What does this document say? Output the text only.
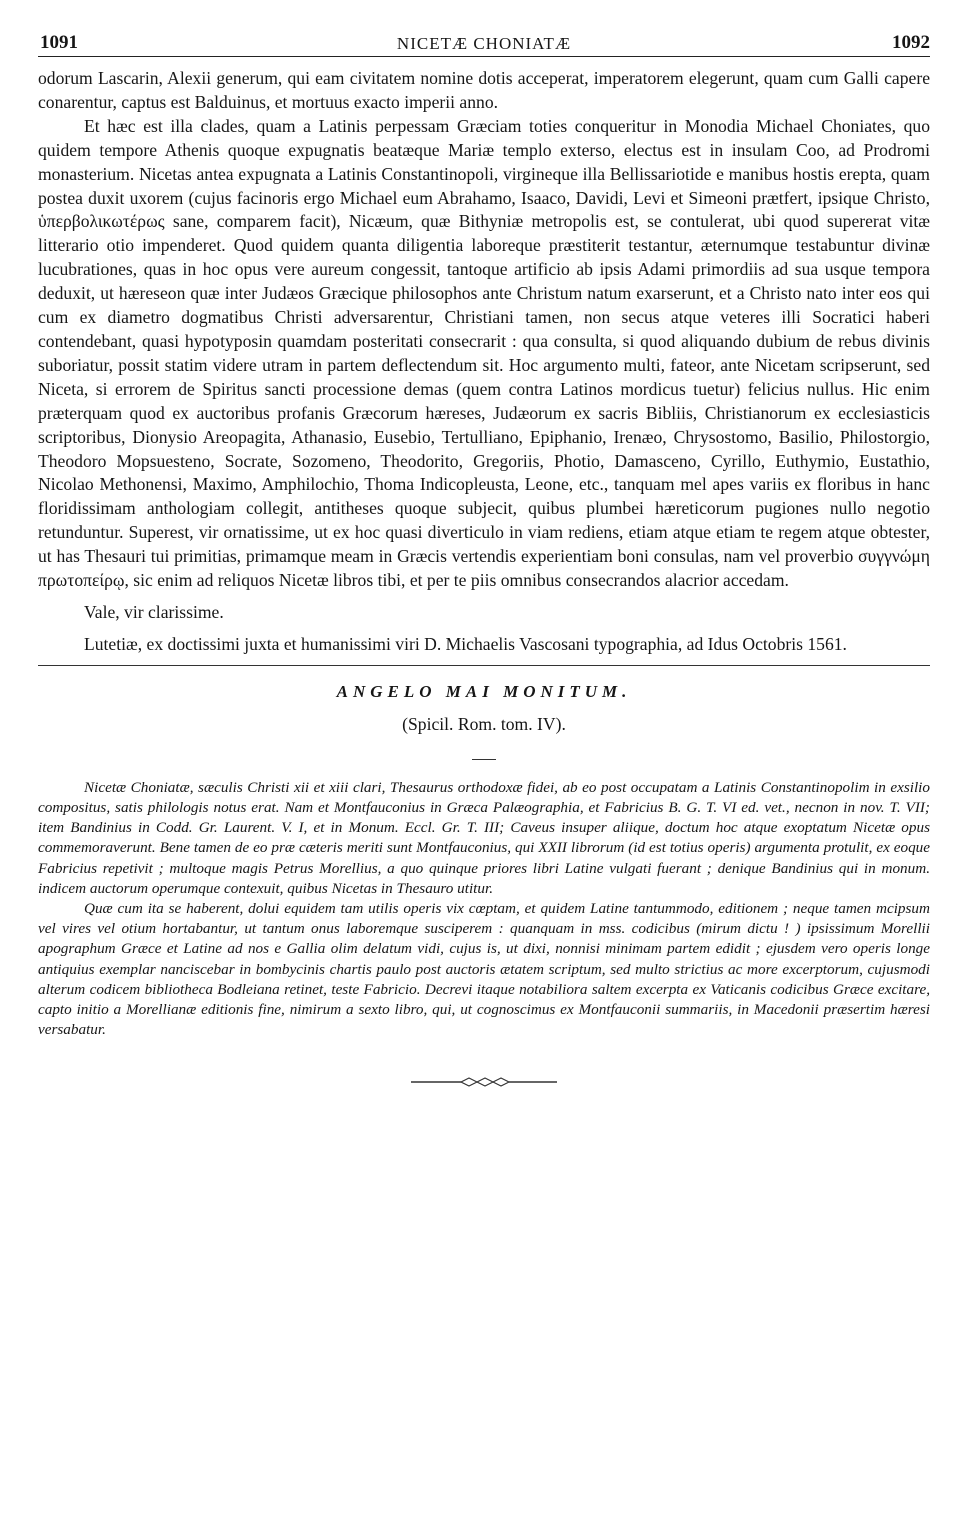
1091	NICETÆ CHONIATÆ	1092

odorum Lascarin, Alexii generum, qui eam civitatem nomine dotis acceperat, imperatorem elegerunt, quam cum Galli capere conarentur, captus est Balduinus, et mortuus exacto imperii anno.

Et hæc est illa clades, quam a Latinis perpessam Græciam toties conqueritur in Monodia Michael Choniates, quo quidem tempore Athenis quoque expugnatis beatæque Mariæ templo exterso, electus est in insulam Coo, ad Prodromi monasterium. Nicetas antea expugnata a Latinis Constantinopoli, virgineque illa Bellissariotide e manibus hostis erepta, quam postea duxit uxorem (cujus facinoris ergo Michael eum Abrahamo, Isaaco, Davidi, Levi et Simeoni prætfert, ipsique Christo, ὑπερβολικωτέρως sane, comparem facit), Nicæum, quæ Bithyniæ metropolis est, se contulerat, ubi quod supererat vitæ litterario otio impenderet. Quod quidem quanta diligentia laboreque præstiterit testantur, æternumque testabuntur divinæ lucubrationes, quas in hoc opus vere aureum congessit, tantoque artificio ab ipsis Adami primordiis ad sua usque tempora deduxit, ut hæreseon quæ inter Judæos Græcique philosophos ante Christum natum exarserunt, et a Christo nato inter eos qui cum ex diametro dogmatibus Christi adversarentur, Christiani tamen, non secus atque veteres illi Socratici haberi contendebant, quasi hypotyposin quamdam posteritati consecrarit : qua consulta, si quod aliquando dubium de rebus divinis suboriatur, possit statim videre utram in partem deflectendum sit. Hoc argumento multi, fateor, ante Nicetam scripserunt, sed Niceta, si errorem de Spiritus sancti processione demas (quem contra Latinos mordicus tuetur) felicius nullus. Hic enim præterquam quod ex auctoribus profanis Græcorum hæreses, Judæorum ex sacris Bibliis, Christianorum ex ecclesiasticis scriptoribus, Dionysio Areopagita, Athanasio, Eusebio, Tertulliano, Epiphanio, Irenæo, Chrysostomo, Basilio, Philostorgio, Theodoro Mopsuesteno, Socrate, Sozomeno, Theodorito, Gregoriis, Photio, Damasceno, Cyrillo, Euthymio, Eustathio, Nicolao Methonensi, Maximo, Amphilochio, Thoma Indicopleusta, Leone, etc., tanquam mel apes variis ex floribus in hanc floridissimam anthologiam collegit, antitheses quoque subjecit, quibus plumbei hæreticorum pugiones nullo negotio retunduntur. Superest, vir ornatissime, ut ex hoc quasi diverticulo in viam rediens, etiam atque etiam te regem atque obtester, ut has Thesauri tui primitias, primamque meam in Græcis vertendis experientiam boni consulas, nam vel proverbio συγγνώμη πρωτοπείρῳ, sic enim ad reliquos Nicetæ libros tibi, et per te piis omnibus consecrandos alacrior accedam.

Vale, vir clarissime.

Lutetiæ, ex doctissimi juxta et humanissimi viri D. Michaelis Vascosani typographia, ad Idus Octobris 1561.

ANGELO MAI MONITUM.
(Spicil. Rom. tom. IV).

Nicetæ Choniatæ, sæculis Christi xii et xiii clari, Thesaurus orthodoxæ fidei, ab eo post occupatam a Latinis Constantinopolim in exsilio compositus, satis philologis notus erat. Nam et Montfauconius in Græca Palæographia, et Fabricius B. G. T. VI ed. vet., necnon in nov. T. VII; item Bandinius in Codd. Gr. Laurent. V. I, et in Monum. Eccl. Gr. T. III; Caveus insuper aliique, doctum hoc atque exoptatum Nicetæ opus commemoraverunt. Bene tamen de eo præ cæteris meriti sunt Montfauconius, qui XXII librorum (id est totius operis) argumenta protulit, ex eoque Fabricius repetivit ; multoque magis Petrus Morellius, a quo quinque priores libri Latine vulgati fuerant ; denique Bandinius qui in monum. indicem auctorum operumque contexuit, quibus Nicetas in Thesauro utitur.

Quæ cum ita se haberent, dolui equidem tam utilis operis vix cœptam, et quidem Latine tantummodo, editionem ; neque tamen mcipsum vel vires vel otium hortabantur, ut tantum onus laboremque susciperem : quanquam in mss. codicibus (mirum dictu ! ) ipsissimum Morellii apographum Græce et Latine ad nos e Gallia olim delatum vidi, cujus is, ut dixi, nonnisi minimam partem edidit ; ejusdem vero operis longe antiquius exemplar nanciscebar in bombycinis chartis paulo post auctoris ætatem scriptum, sed multo strictius ac more excerptorum, cujusmodi alterum codicem bibliotheca Bodleiana retinet, teste Fabricio. Decrevi itaque notabiliora saltem excerpta ex Vaticanis codicibus Græce excitare, capto initio a Morellianæ editionis fine, nimirum a sexto libro, qui, ut cognoscimus ex Montfauconii summariis, in Macedonii præsertim hæresi versabatur.
